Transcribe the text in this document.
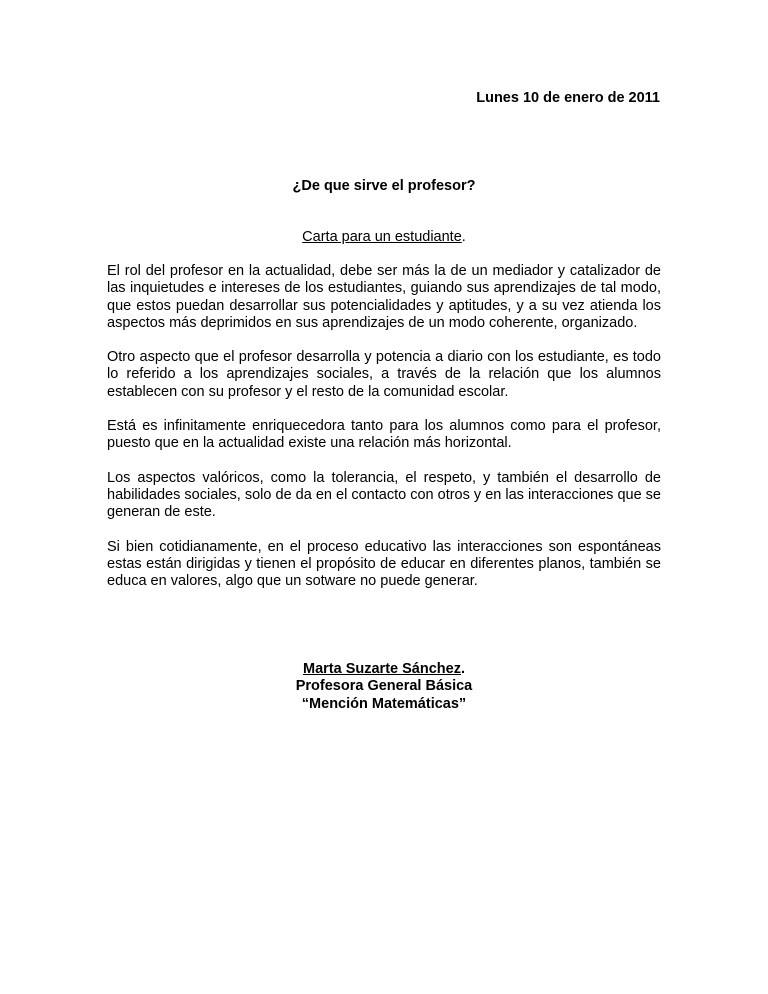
Lunes 10 de enero de 2011
¿De que sirve el profesor?
Carta para un estudiante.

El rol del profesor en la actualidad, debe ser más la de un mediador y catalizador de las inquietudes e intereses de los estudiantes, guiando sus aprendizajes de tal modo, que estos puedan desarrollar sus potencialidades y aptitudes, y a su vez atienda los aspectos más deprimidos en sus aprendizajes de un modo coherente, organizado.

Otro aspecto que el profesor desarrolla y potencia a diario con los estudiante, es todo lo referido a los aprendizajes sociales, a través de la relación que los alumnos establecen con su profesor y el resto de la comunidad escolar.

Está es infinitamente enriquecedora tanto para los alumnos como para el profesor, puesto que en la actualidad existe una relación más horizontal.

Los aspectos valóricos, como la tolerancia, el respeto, y también el desarrollo de habilidades sociales, solo de da en el contacto con otros y en las interacciones que se generan de este.

Si bien cotidianamente, en el proceso educativo las interacciones son espontáneas estas están dirigidas y tienen el propósito de educar en diferentes planos, también se educa en valores, algo que un sotware no puede generar.

Marta Suzarte Sánchez.
Profesora General Básica
“Mención Matemáticas”
